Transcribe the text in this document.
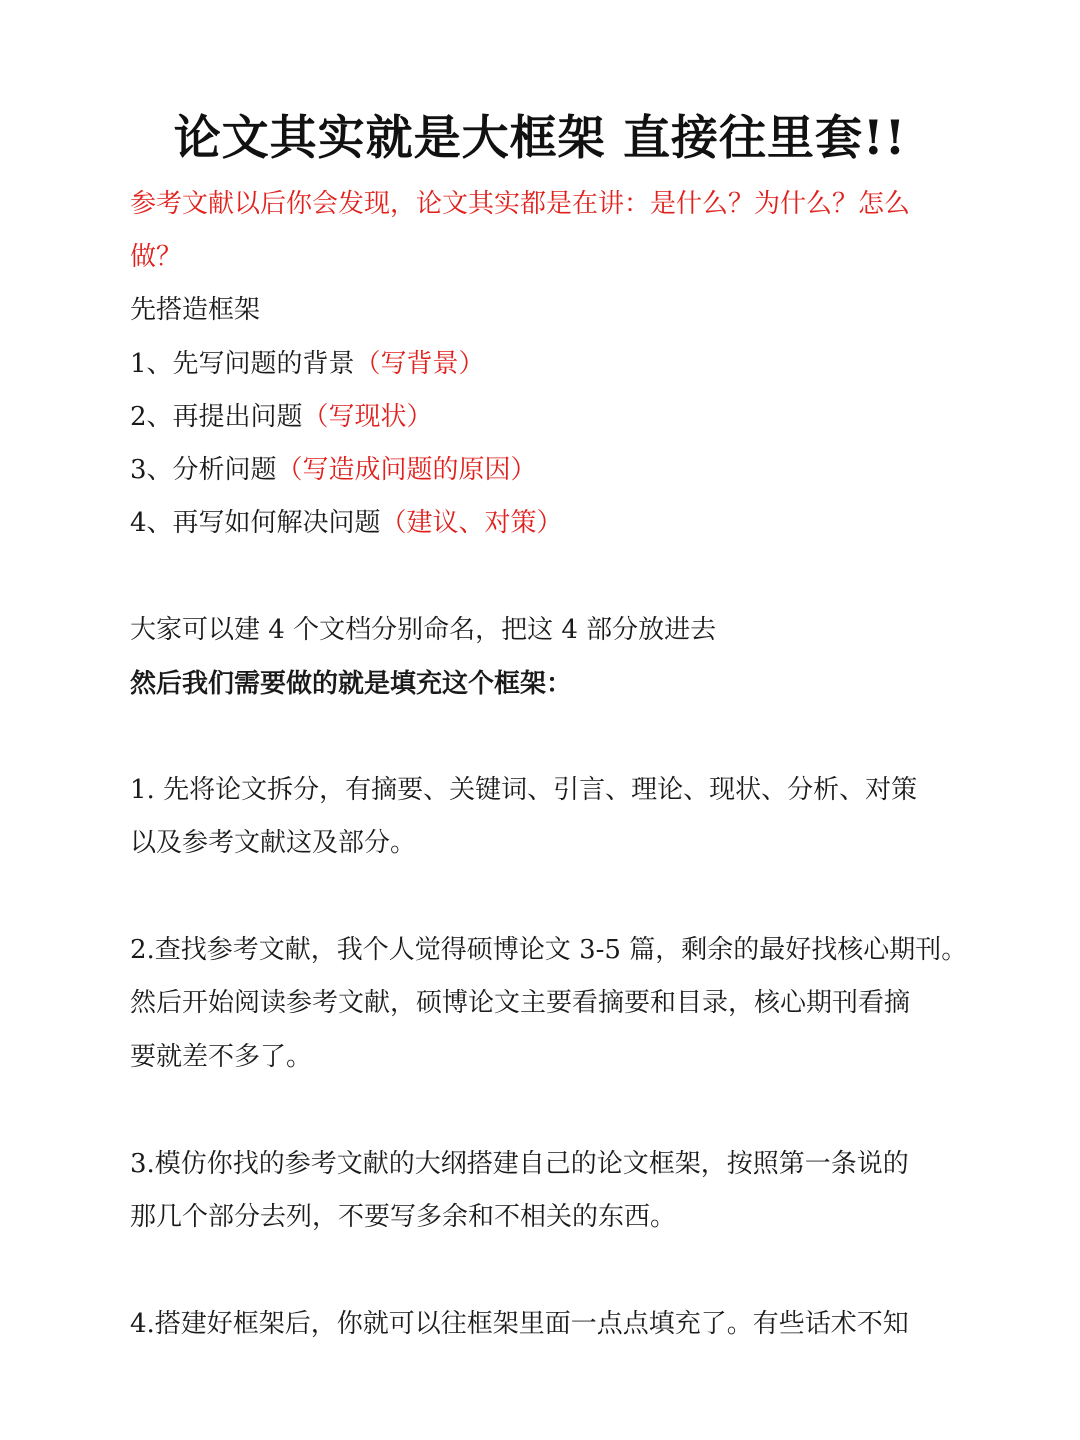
论文其实就是大框架 直接往里套!!
参考文献以后你会发现，论文其实都是在讲：是什么？为什么？怎么
做？
先搭造框架
1、先写问题的背景（写背景）
2、再提出问题（写现状）
3、分析问题（写造成问题的原因）
4、再写如何解决问题（建议、对策）
大家可以建 4 个文档分别命名，把这 4 部分放进去
然后我们需要做的就是填充这个框架：
1. 先将论文拆分，有摘要、关键词、引言、理论、现状、分析、对策
以及参考文献这及部分。
2.查找参考文献，我个人觉得硕博论文 3-5 篇，剩余的最好找核心期刊。
然后开始阅读参考文献，硕博论文主要看摘要和目录，核心期刊看摘
要就差不多了。
3.模仿你找的参考文献的大纲搭建自己的论文框架，按照第一条说的
那几个部分去列，不要写多余和不相关的东西。
4.搭建好框架后，你就可以往框架里面一点点填充了。有些话术不知
